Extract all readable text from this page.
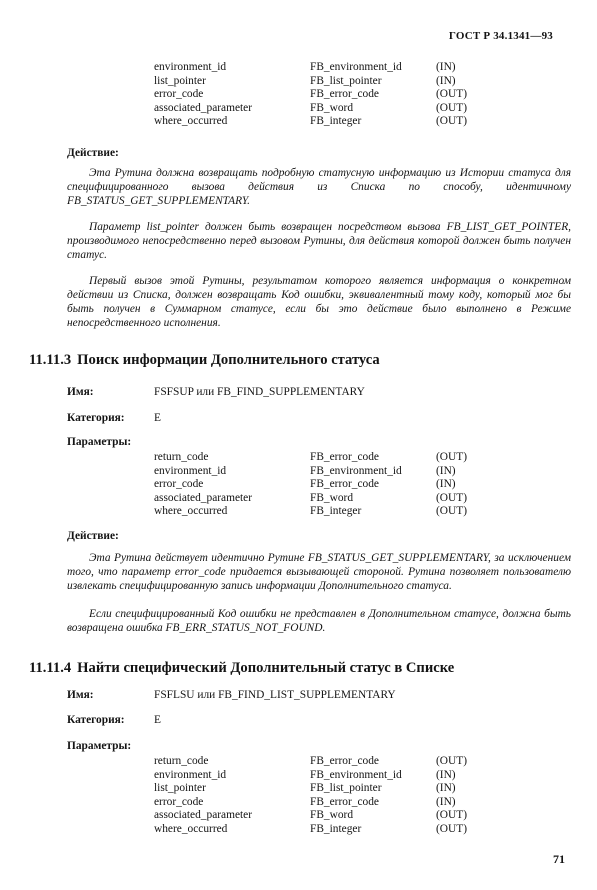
ГОСТ Р 34.1341—93
environment_id	FB_environment_id	(IN)
list_pointer	FB_list_pointer	(IN)
error_code	FB_error_code	(OUT)
associated_parameter	FB_word	(OUT)
where_occurred	FB_integer	(OUT)
Действие:

Эта Рутина должна возвращать подробную статусную информацию из Истории статуса для специфицированного вызова действия из Списка по способу, идентичному FB_STATUS_GET_SUPPLEMENTARY.

Параметр list_pointer должен быть возвращен посредством вызова FB_LIST_GET_POINTER, производимого непосредственно перед вызовом Рутины, для действия которой должен быть получен статус.

Первый вызов этой Рутины, результатом которого является информация о конкретном действии из Списка, должен возвращать Код ошибки, эквивалентный тому коду, который мог бы быть получен в Суммарном статусе, если бы это действие было выполнено в Режиме непосредственного исполнения.

11.11.3 Поиск информации Дополнительного статуса
Имя:	FSFSUP или FB_FIND_SUPPLEMENTARY
Категория:	E
Параметры:
return_code	FB_error_code	(OUT)
environment_id	FB_environment_id	(IN)
error_code	FB_error_code	(IN)
associated_parameter	FB_word	(OUT)
where_occurred	FB_integer	(OUT)
Действие:

Эта Рутина действует идентично Рутине FB_STATUS_GET_SUPPLEMENTARY, за исключением того, что параметр error_code придается вызывающей стороной. Рутина позволяет пользователю извлекать специфицированную запись информации Дополнительного статуса.

Если специфицированный Код ошибки не представлен в Дополнительном статусе, должна быть возвращена ошибка FB_ERR_STATUS_NOT_FOUND.

11.11.4 Найти специфический Дополнительный статус в Списке
Имя:	FSFLSU или FB_FIND_LIST_SUPPLEMENTARY
Категория:	E
Параметры:
return_code	FB_error_code	(OUT)
environment_id	FB_environment_id	(IN)
list_pointer	FB_list_pointer	(IN)
error_code	FB_error_code	(IN)
associated_parameter	FB_word	(OUT)
where_occurred	FB_integer	(OUT)
71
